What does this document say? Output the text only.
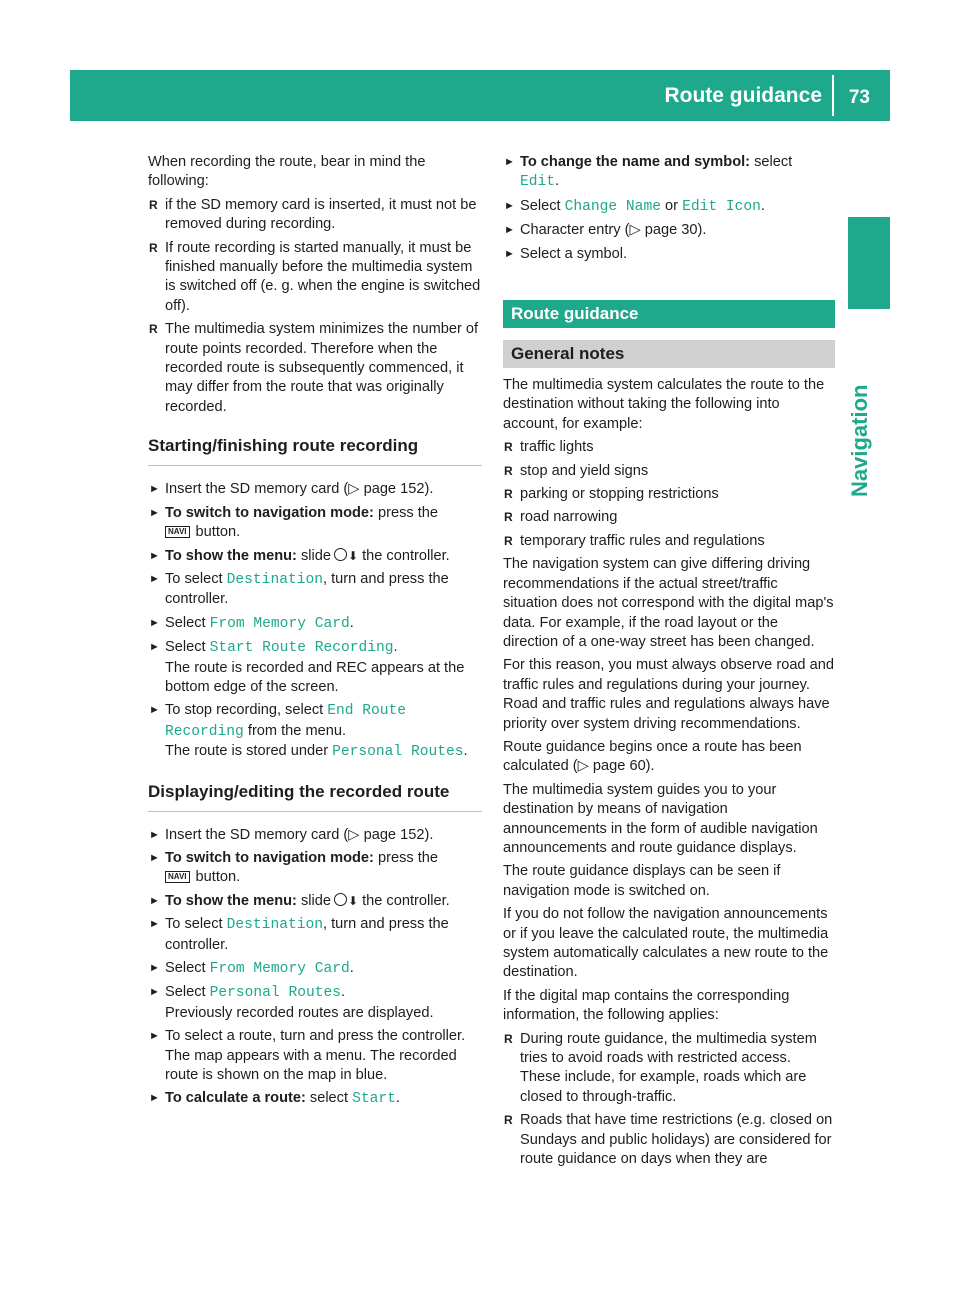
Route guidance 73
Navigation

When recording the route, bear in mind the following:

R if the SD memory card is inserted, it must not be removed during recording.
R If route recording is started manually, it must be finished manually before the multimedia system is switched off (e. g. when the engine is switched off).
R The multimedia system minimizes the number of route points recorded. Therefore when the recorded route is subsequently commenced, it may differ from the route that was originally recorded.
Starting/finishing route recording
► Insert the SD memory card (▷ page 152).
► To switch to navigation mode: press the
NAVI button.
► To show the menu: slide ⬇ the controller.
► To select Destination, turn and press the controller.
► Select From Memory Card.
► Select Start Route Recording.
The route is recorded and REC appears at the bottom edge of the screen.
► To stop recording, select End Route Recording from the menu.
The route is stored under Personal Routes.
Displaying/editing the recorded route
► Insert the SD memory card (▷ page 152).
► To switch to navigation mode: press the
NAVI button.
► To show the menu: slide ⬇ the controller.
► To select Destination, turn and press the controller.
► Select From Memory Card.
► Select Personal Routes.
Previously recorded routes are displayed.
► To select a route, turn and press the controller.
The map appears with a menu. The recorded route is shown on the map in blue.
► To calculate a route: select Start.
► To change the name and symbol: select
Edit.
► Select Change Name or Edit Icon.
► Character entry (▷ page 30).
► Select a symbol.
Route guidance
General notes

The multimedia system calculates the route to the destination without taking the following into account, for example:

R traffic lights
R stop and yield signs
R parking or stopping restrictions
R road narrowing
R temporary traffic rules and regulations

The navigation system can give differing driving recommendations if the actual street/traffic situation does not correspond with the digital map's data. For example, if the road layout or the direction of a one-way street has been changed.

For this reason, you must always observe road and traffic rules and regulations during your journey. Road and traffic rules and regulations always have priority over system driving recommendations.

Route guidance begins once a route has been calculated (▷ page 60).

The multimedia system guides you to your destination by means of navigation announcements in the form of audible navigation announcements and route guidance displays.

The route guidance displays can be seen if navigation mode is switched on.

If you do not follow the navigation announcements or if you leave the calculated route, the multimedia system automatically calculates a new route to the destination.

If the digital map contains the corresponding information, the following applies:

R During route guidance, the multimedia system tries to avoid roads with restricted access. These include, for example, roads which are closed to through-traffic.
R Roads that have time restrictions (e.g. closed on Sundays and public holidays) are considered for route guidance on days when they are
